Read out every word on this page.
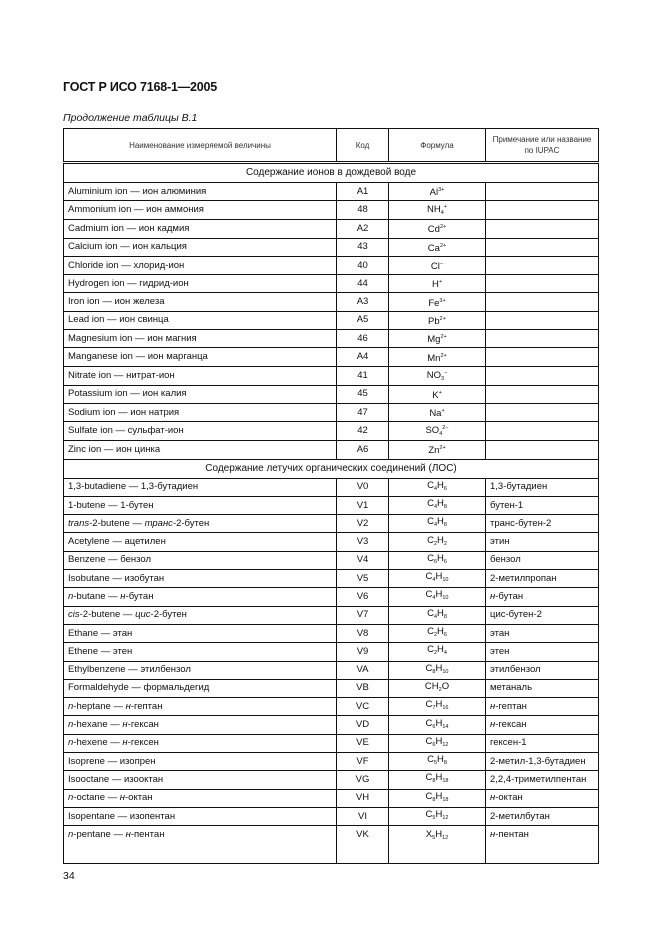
ГОСТ Р ИСО 7168-1—2005
Продолжение таблицы В.1
Наименование измеряемой величины	Код	Формула	Примечание или название по IUPAC
Содержание ионов в дождевой воде			
Aluminium ion — ион алюминия	A1	$Al^{3+}$	
Ammonium ion — ион аммония	48	$NH_4^+$	
Cadmium ion — ион кадмия	A2	$Cd^{2+}$	
Calcium ion — ион кальция	43	$Ca^{2+}$	
Chloride ion — хлорид-ион	40	Cl−	
Hydrogen ion — гидрид-ион	44	H+	
Iron ion — ион железа	A3	$Fe^{3+}$	
Lead ion — ион свинца	A5	$Pb^{2+}$	
Magnesium ion — ион магния	46	$Mg^{2+}$	
Manganese ion — ион марганца	A4	$Mn^{2+}$	
Nitrate ion — нитрат-ион	41	$NO_3^-$	
Potassium ion — ион калия	45	K+	
Sodium ion — ион натрия	47	Na+	
Sulfate ion — сульфат-ион	42	$SO_4^{2-}$	
Zinc ion — ион цинка	A6	$Zn^{2+}$	
Содержание летучих органических соединений (ЛОС)			
1,3-butadiene — 1,3-бутадиен	V0	$C_4H_6$	1,3-бутадиен
1-butene — 1-бутен	V1	$C_4H_8$	бутен-1
trans-2-butene — транс-2-бутен	V2	$C_4H_8$	транс-бутен-2
Acetylene — ацетилен	V3	$C_2H_2$	этин
Benzene — бензол	V4	$C_6H_6$	бензол
Isobutane — изобутан	V5	$C_4H_{10}$	2-метилпропан
n-butane — н-бутан	V6	$C_4H_{10}$	н-бутан
cis-2-butene — цис-2-бутен	V7	$C_4H_8$	цис-бутен-2
Ethane — этан	V8	$C_2H_6$	этан
Ethene — этен	V9	$C_2H_4$	этен
Ethylbenzene — этилбензол	VA	$C_8H_{10}$	этилбензол
Formaldehyde — формальдегид	VB	$CH_2O$	метаналь
n-heptane — н-гептан	VC	$C_7H_{16}$	н-гептан
n-hexane — н-гексан	VD	$C_6H_{14}$	н-гексан
n-hexene — н-гексен	VE	$C_6H_{12}$	гексен-1
Isoprene — изопрен	VF	$C_5H_8$	2-метил-1,3-бутадиен
Isooctane — изооктан	VG	$C_8H_{18}$	2,2,4-триметилпентан
n-octane — н-октан	VH	$C_8H_{18}$	н-октан
Isopentane — изопентан	VI	$C_5H_{12}$	2-метилбутан
n-pentane — н-пентан	VK	$X_5H_{12}$	н-пентан
34
